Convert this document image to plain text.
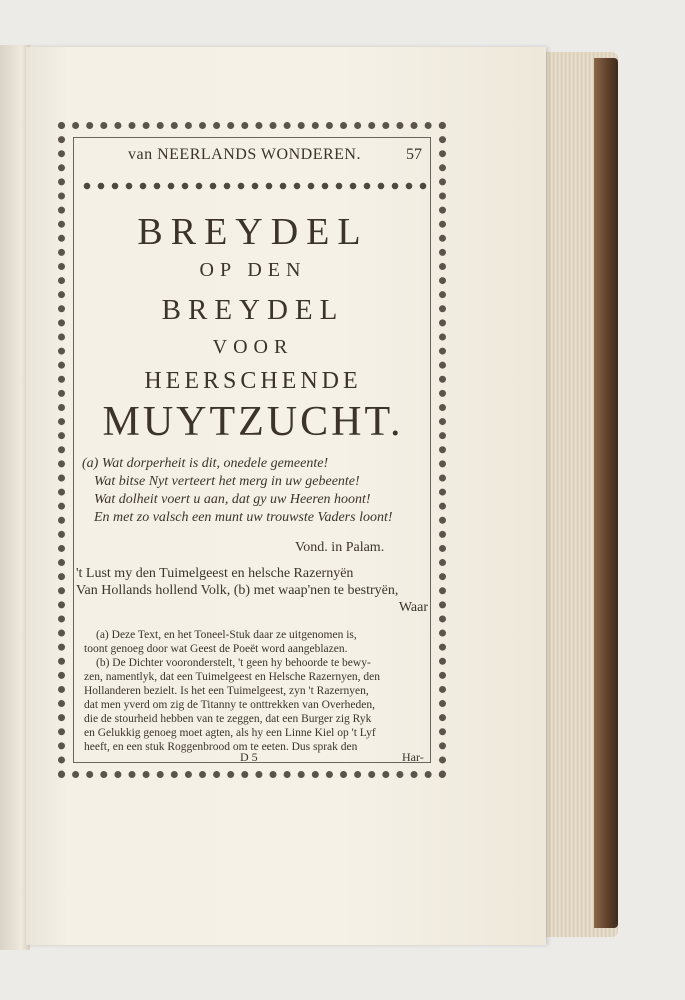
van NEERLANDS WONDEREN.	57
BREYDEL
OP DEN
BREYDEL
VOOR
HEERSCHENDE
MUYTZUCHT.
(a) Wat dorperheit is dit, onedele gemeente!
Wat bitse Nyt verteert het merg in uw gebeente!
Wat dolheit voert u aan, dat gy uw Heeren hoont!
En met zo valsch een munt uw trouwste Vaders loont!
Vond. in Palam.
't Lust my den Tuimelgeest en helsche Razernyën
Van Hollands hollend Volk, (b) met waap'nen te bestryën,
Waar
(a) Deze Text, en het Toneel-Stuk daar ze uitgenomen is,
toont genoeg door wat Geest de Poeët word aangeblazen.
(b) De Dichter vooronderstelt, 't geen hy behoorde te bewy-
zen, namentlyk, dat een Tuimelgeest en Helsche Razernyen, den
Hollanderen bezielt. Is het een Tuimelgeest, zyn 't Razernyen,
dat men yverd om zig de Titanny te onttrekken van Overheden,
die de stourheid hebben van te zeggen, dat een Burger zig Ryk
en Gelukkig genoeg moet agten, als hy een Linne Kiel op 't Lyf
heeft, en een stuk Roggenbrood om te eeten. Dus sprak den
D 5	Har-
